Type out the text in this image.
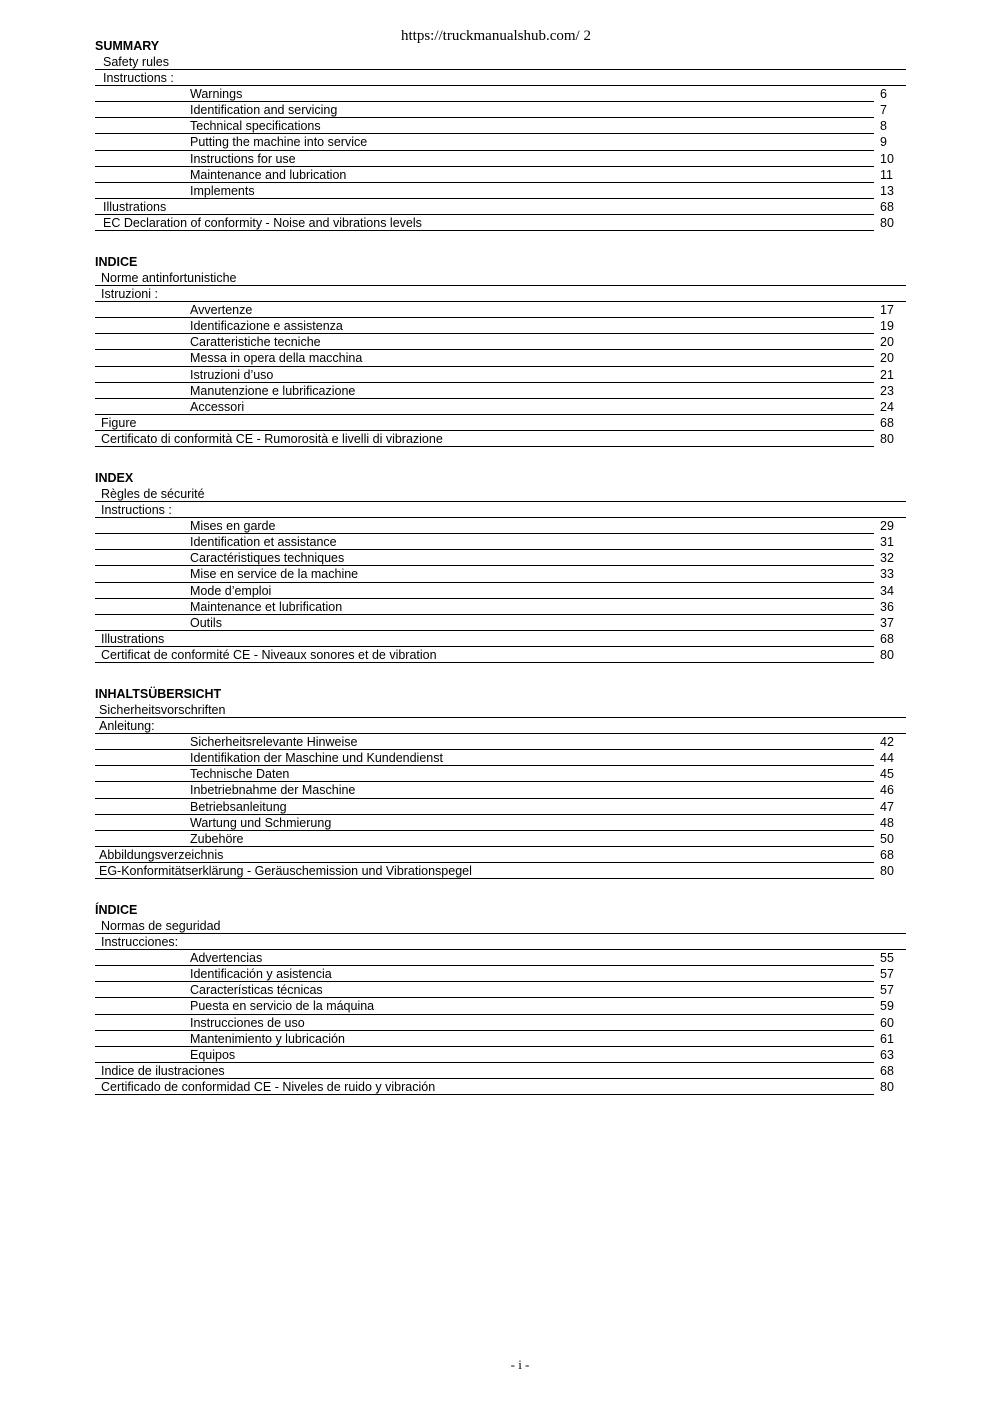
https://truckmanualshub.com/ 2
SUMMARY
Safety rules
Instructions :
Warnings	6
Identification and servicing	7
Technical specifications	8
Putting the machine into service	9
Instructions for use	10
Maintenance and lubrication	11
Implements	13
Illustrations	68
EC Declaration of conformity - Noise and vibrations levels	80
INDICE
Norme antinfortunistiche
Istruzioni :
Avvertenze	17
Identificazione e assistenza	19
Caratteristiche tecniche	20
Messa in opera della macchina	20
Istruzioni d’uso	21
Manutenzione e lubrificazione	23
Accessori	24
Figure	68
Certificato di conformità CE - Rumorosità e livelli di vibrazione	80
INDEX
Règles de sécurité
Instructions :
Mises en garde	29
Identification et assistance	31
Caractéristiques techniques	32
Mise en service de la machine	33
Mode d’emploi	34
Maintenance et lubrification	36
Outils	37
Illustrations	68
Certificat de conformité CE - Niveaux sonores et de vibration	80
INHALTSÜBERSICHT
Sicherheitsvorschriften
Anleitung:
Sicherheitsrelevante Hinweise	42
Identifikation der Maschine und Kundendienst	44
Technische Daten	45
Inbetriebnahme der Maschine	46
Betriebsanleitung	47
Wartung und Schmierung	48
Zubehöre	50
Abbildungsverzeichnis	68
EG-Konformitätserklärung - Geräuschemission und Vibrationspegel	80
ÍNDICE
Normas de seguridad
Instrucciones:
Advertencias	55
Identificación y asistencia	57
Características técnicas	57
Puesta en servicio de la máquina	59
Instrucciones de uso	60
Mantenimiento y lubricación	61
Equipos	63
Indice de ilustraciones	68
Certificado de conformidad CE - Niveles de ruido y vibración	80
- i -
